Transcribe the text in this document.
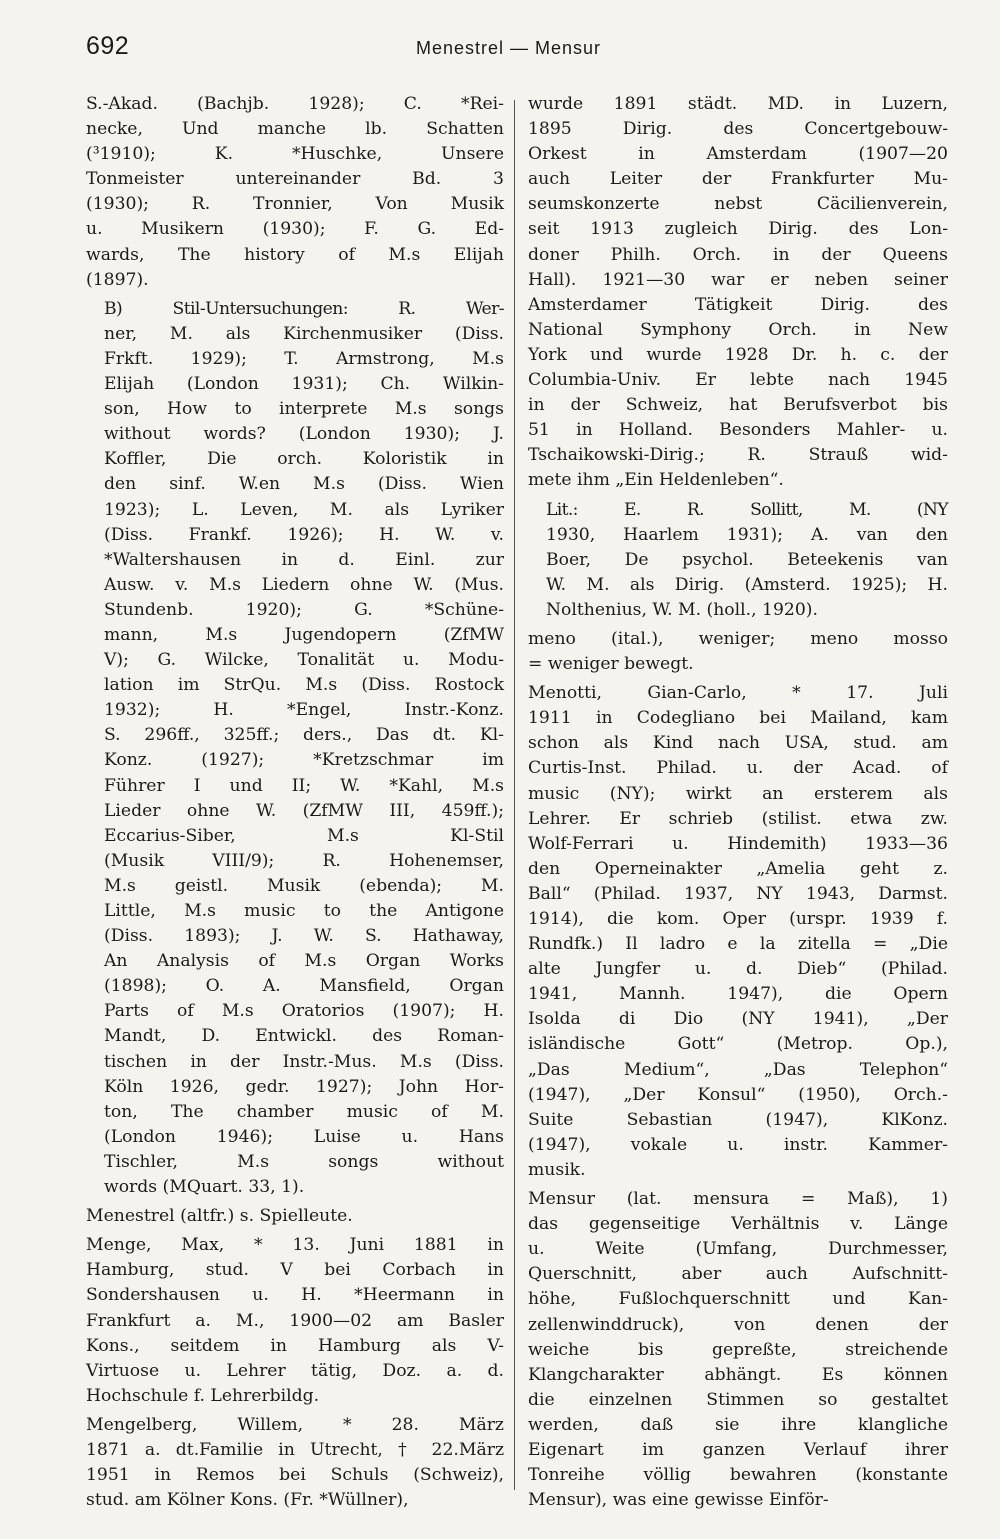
692	Menestrel — Mensur
S.-Akad. (Bachjb. 1928); C. *Rei-
necke, Und manche lb. Schatten
(³1910); K. *Huschke, Unsere
Tonmeister untereinander Bd. 3
(1930); R. Tronnier, Von Musik
u. Musikern (1930); F. G. Ed-
wards, The history of M.s Elijah
(1897).
B) Stil-Untersuchungen: R. Wer-
ner, M. als Kirchenmusiker (Diss.
Frkft. 1929); T. Armstrong, M.s
Elijah (London 1931); Ch. Wilkin-
son, How to interprete M.s songs
without words? (London 1930); J.
Koffler, Die orch. Koloristik in
den sinf. W.en M.s (Diss. Wien
1923); L. Leven, M. als Lyriker
(Diss. Frankf. 1926); H. W. v.
*Waltershausen in d. Einl. zur
Ausw. v. M.s Liedern ohne W. (Mus.
Stundenb. 1920); G. *Schüne-
mann, M.s Jugendopern (ZfMW
V); G. Wilcke, Tonalität u. Modu-
lation im StrQu. M.s (Diss. Rostock
1932); H. *Engel, Instr.-Konz.
S. 296ff., 325ff.; ders., Das dt. Kl-
Konz. (1927); *Kretzschmar im
Führer I und II; W. *Kahl, M.s
Lieder ohne W. (ZfMW III, 459ff.);
Eccarius-Siber, M.s Kl-Stil
(Musik VIII/9); R. Hohenemser,
M.s geistl. Musik (ebenda); M.
Little, M.s music to the Antigone
(Diss. 1893); J. W. S. Hathaway,
An Analysis of M.s Organ Works
(1898); O. A. Mansfield, Organ
Parts of M.s Oratorios (1907); H.
Mandt, D. Entwickl. des Roman-
tischen in der Instr.-Mus. M.s (Diss.
Köln 1926, gedr. 1927); John Hor-
ton, The chamber music of M.
(London 1946); Luise u. Hans
Tischler, M.s songs without
words (MQuart. 33, 1).
Menestrel (altfr.) s. Spielleute.
Menge, Max, * 13. Juni 1881 in
Hamburg, stud. V bei Corbach in
Sondershausen u. H. *Heermann in
Frankfurt a. M., 1900—02 am Basler
Kons., seitdem in Hamburg als V-
Virtuose u. Lehrer tätig, Doz. a. d.
Hochschule f. Lehrerbildg.
Mengelberg, Willem, * 28. März
1871 a. dt.Familie in Utrecht, † 22.März
1951 in Remos bei Schuls (Schweiz),
stud. am Kölner Kons. (Fr. *Wüllner),
wurde 1891 städt. MD. in Luzern,
1895 Dirig. des Concertgebouw-
Orkest in Amsterdam (1907—20
auch Leiter der Frankfurter Mu-
seumskonzerte nebst Cäcilienverein,
seit 1913 zugleich Dirig. des Lon-
doner Philh. Orch. in der Queens
Hall). 1921—30 war er neben seiner
Amsterdamer Tätigkeit Dirig. des
National Symphony Orch. in New
York und wurde 1928 Dr. h. c. der
Columbia-Univ. Er lebte nach 1945
in der Schweiz, hat Berufsverbot bis
51 in Holland. Besonders Mahler- u.
Tschaikowski-Dirig.; R. Strauß wid-
mete ihm „Ein Heldenleben“.
Lit.: E. R. Sollitt, M. (NY
1930, Haarlem 1931); A. van den
Boer, De psychol. Beteekenis van
W. M. als Dirig. (Amsterd. 1925); H.
Nolthenius, W. M. (holl., 1920).
meno (ital.), weniger; meno mosso
= weniger bewegt.
Menotti, Gian-Carlo, * 17. Juli
1911 in Codegliano bei Mailand, kam
schon als Kind nach USA, stud. am
Curtis-Inst. Philad. u. der Acad. of
music (NY); wirkt an ersterem als
Lehrer. Er schrieb (stilist. etwa zw.
Wolf-Ferrari u. Hindemith) 1933—36
den Operneinakter „Amelia geht z.
Ball“ (Philad. 1937, NY 1943, Darmst.
1914), die kom. Oper (urspr. 1939 f.
Rundfk.) Il ladro e la zitella = „Die
alte Jungfer u. d. Dieb“ (Philad.
1941, Mannh. 1947), die Opern
Isolda di Dio (NY 1941), „Der
isländische Gott“ (Metrop. Op.),
„Das Medium“, „Das Telephon“
(1947), „Der Konsul“ (1950), Orch.-
Suite Sebastian (1947), KlKonz.
(1947), vokale u. instr. Kammer-
musik.
Mensur (lat. mensura = Maß), 1)
das gegenseitige Verhältnis v. Länge
u. Weite (Umfang, Durchmesser,
Querschnitt, aber auch Aufschnitt-
höhe, Fußlochquerschnitt und Kan-
zellenwinddruck), von denen der
weiche bis gepreßte, streichende
Klangcharakter abhängt. Es können
die einzelnen Stimmen so gestaltet
werden, daß sie ihre klangliche
Eigenart im ganzen Verlauf ihrer
Tonreihe völlig bewahren (konstante
Mensur), was eine gewisse Einför-
